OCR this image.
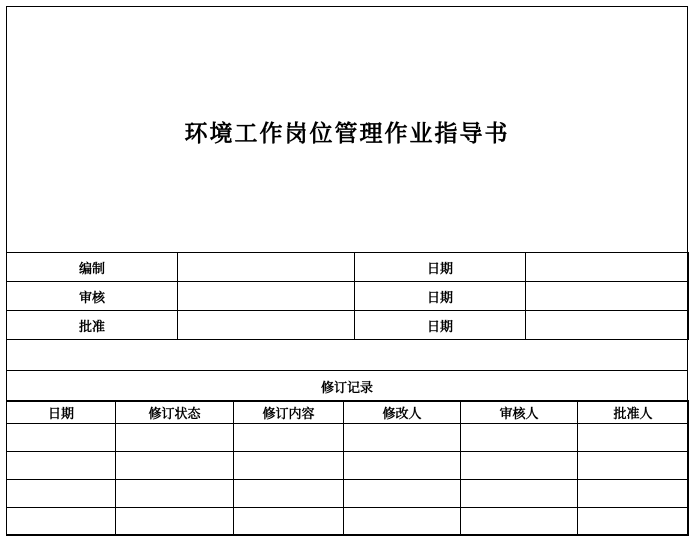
环境工作岗位管理作业指导书
编制		日期	
审核		日期	
批准		日期	
修订记录
日期	修订状态	修订内容	修改人	审核人	批准人
